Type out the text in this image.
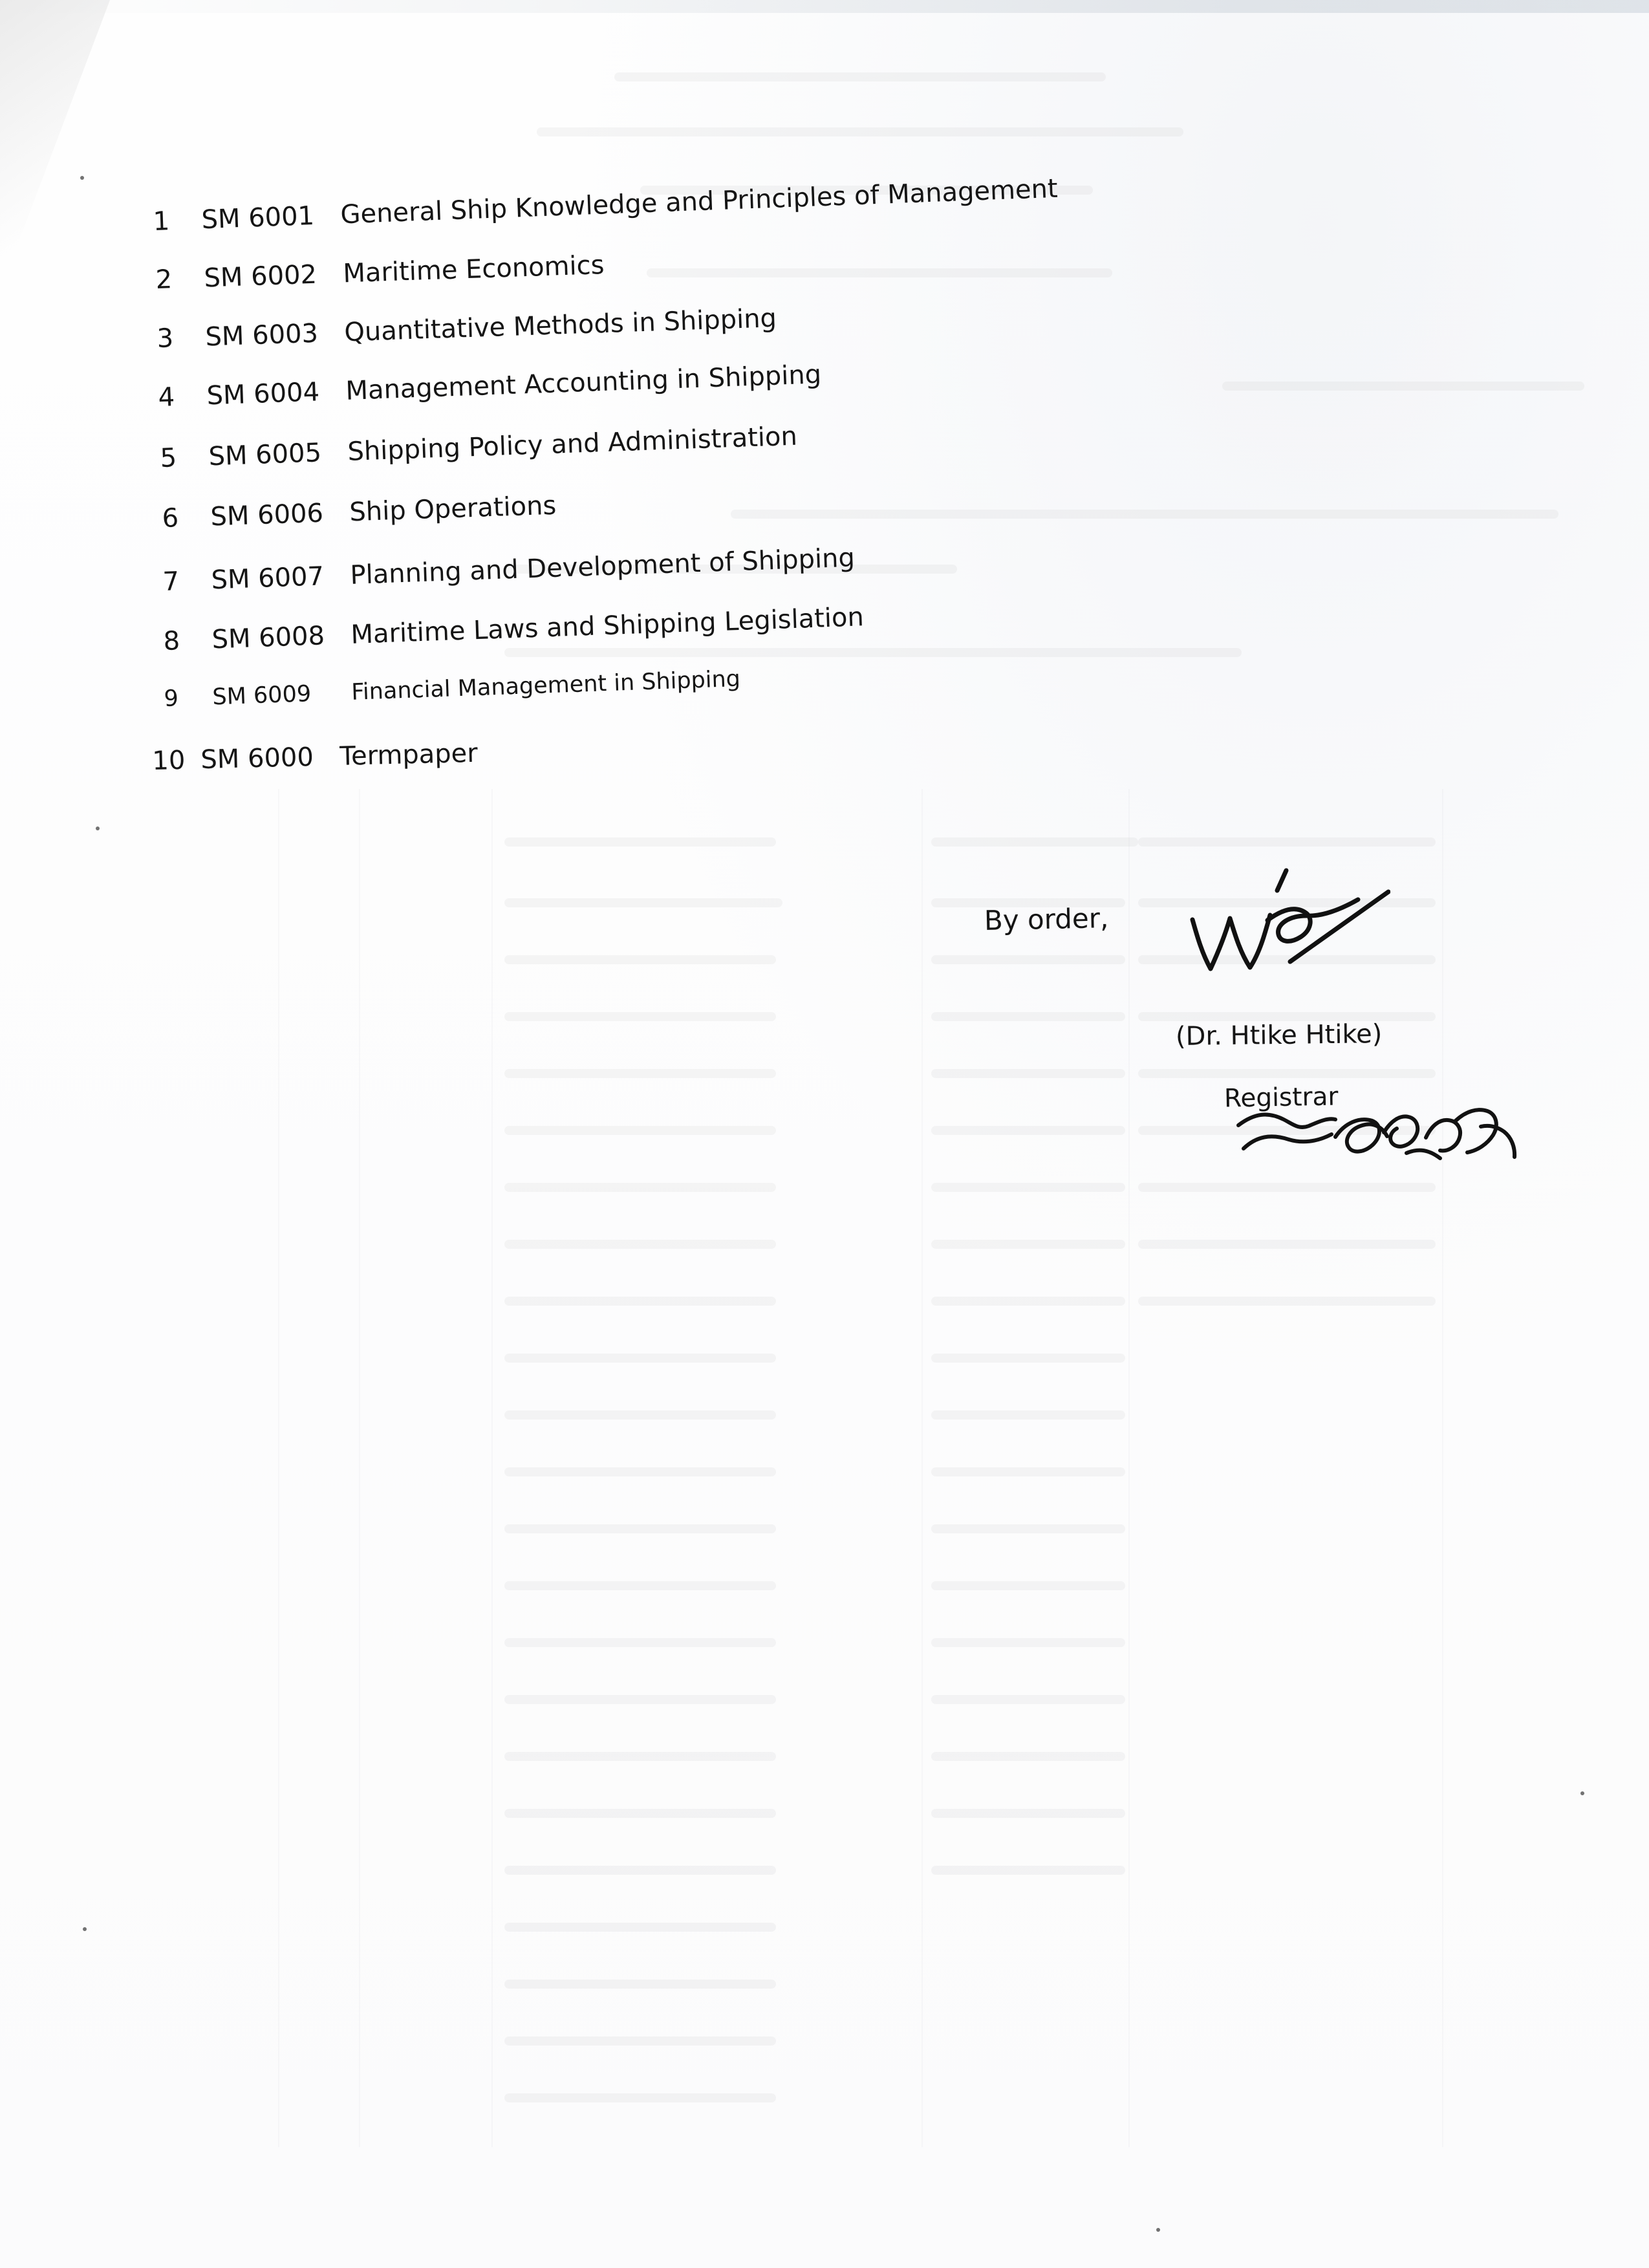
1	SM 6001 General Ship Knowledge and Principles of Management
2	SM 6002 Maritime Economics
3	SM 6003 Quantitative Methods in Shipping
4	SM 6004 Management Accounting in Shipping
5	SM 6005 Shipping Policy and Administration
6	SM 6006 Ship Operations
7	SM 6007 Planning and Development of Shipping
8	SM 6008 Maritime Laws and Shipping Legislation
9	SM 6009	Financial Management in Shipping
10 SM 6000 Termpaper
By order,
(Dr. Htike Htike)
Registrar
